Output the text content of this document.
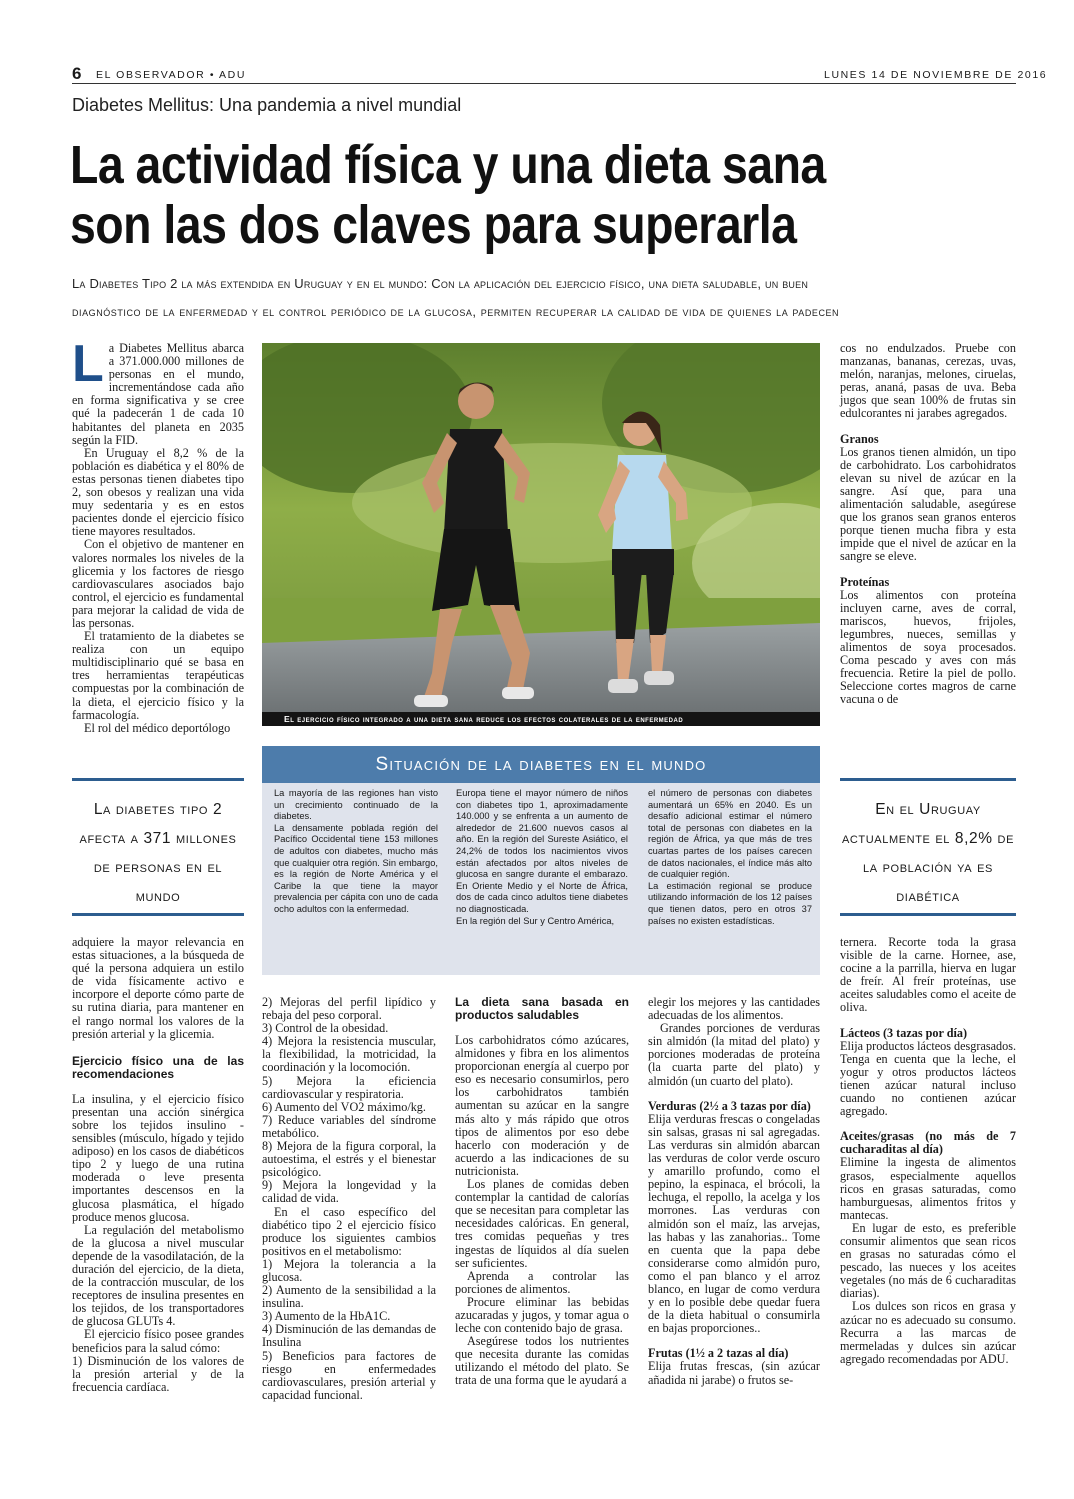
6 EL OBSERVADOR • ADU	LUNES 14 DE NOVIEMBRE DE 2016
Diabetes Mellitus: Una pandemia a nivel mundial
La actividad física y una dieta sana
son las dos claves para superarla
La Diabetes Tipo 2 la más extendida en Uruguay y en el mundo: Con la aplicación del ejercicio físico, una dieta saludable, un buen
diagnóstico de la enfermedad y el control periódico de la glucosa, permiten recuperar la calidad de vida de quienes la padecen
L a Diabetes Mellitus abarca a 371.000.000 millones de personas en el mundo, incrementándose cada año en forma significativa y se cree qué la padecerán 1 de cada 10 habitantes del planeta en 2035 según la FID.

En Uruguay el 8,2 % de la población es diabética y el 80% de estas personas tienen diabetes tipo 2, son obesos y realizan una vida muy sedentaria y es en estos pacientes donde el ejercicio físico tiene mayores resultados.

Con el objetivo de mantener en valores normales los niveles de la glicemia y los factores de riesgo cardiovasculares asociados bajo control, el ejercicio es fundamental para mejorar la calidad de vida de las personas.

El tratamiento de la diabetes se realiza con un equipo multidisciplinario qué se basa en tres herramientas terapéuticas compuestas por la combinación de la dieta, el ejercicio físico y la farmacología.

El rol del médico deportólogo

La diabetes tipo 2 afecta a 371 millones de personas en el mundo

adquiere la mayor relevancia en estas situaciones, a la búsqueda de qué la persona adquiera un estilo de vida físicamente activo e incorpore el deporte cómo parte de su rutina diaria, para mantener en el rango normal los valores de la presión arterial y la glicemia.

Ejercicio físico una de las recomendaciones

La insulina, y el ejercicio físico presentan una acción sinérgica sobre los tejidos insulino - sensibles (músculo, hígado y tejido adiposo) en los casos de diabéticos tipo 2 y luego de una rutina moderada o leve presenta importantes descensos en la glucosa plasmática, el hígado produce menos glucosa.

La regulación del metabolismo de la glucosa a nivel muscular depende de la vasodilatación, de la duración del ejercicio, de la dieta, de la contracción muscular, de los receptores de insulina presentes en los tejidos, de los transportadores de glucosa GLUTs 4.

El ejercicio físico posee grandes beneficios para la salud cómo:

1) Disminución de los valores de la presión arterial y de la frecuencia cardíaca.

El ejercicio físico integrado a una dieta sana reduce los efectos colaterales de la enfermedad
Situación de la diabetes en el mundo

La mayoría de las regiones han visto un crecimiento continuado de la diabetes.

La densamente poblada región del Pacífico Occidental tiene 153 millones de adultos con diabetes, mucho más que cualquier otra región. Sin embargo, es la región de Norte América y el Caribe la que tiene la mayor prevalencia per cápita con uno de cada ocho adultos con la enfermedad.

Europa tiene el mayor número de niños con diabetes tipo 1, aproximadamente 140.000 y se enfrenta a un aumento de alrededor de 21.600 nuevos casos al año. En la región del Sureste Asiático, el 24,2% de todos los nacimientos vivos están afectados por altos niveles de glucosa en sangre durante el embarazo. En Oriente Medio y el Norte de África, dos de cada cinco adultos tiene diabetes no diagnosticada.

En la región del Sur y Centro América,

el número de personas con diabetes aumentará un 65% en 2040. Es un desafío adicional estimar el número total de personas con diabetes en la región de África, ya que más de tres cuartas partes de los países carecen de datos nacionales, el índice más alto de cualquier región.

La estimación regional se produce utilizando información de los 12 países que tienen datos, pero en otros 37 países no existen estadísticas.

2) Mejoras del perfil lipídico y rebaja del peso corporal.

3) Control de la obesidad.

4) Mejora la resistencia muscular, la flexibilidad, la motricidad, la coordinación y la locomoción.

5) Mejora la eficiencia cardiovascular y respiratoria.

6) Aumento del VO2 máximo/kg.

7) Reduce variables del síndrome metabólico.

8) Mejora de la figura corporal, la autoestima, el estrés y el bienestar psicológico.

9) Mejora la longevidad y la calidad de vida.

En el caso específico del diabético tipo 2 el ejercicio físico produce los siguientes cambios positivos en el metabolismo:

1) Mejora la tolerancia a la glucosa.

2) Aumento de la sensibilidad a la insulina.

3) Aumento de la HbA1C.

4) Disminución de las demandas de Insulina

5) Beneficios para factores de riesgo en enfermedades cardiovasculares, presión arterial y capacidad funcional.

La dieta sana basada en productos saludables

Los carbohidratos cómo azúcares, almidones y fibra en los alimentos proporcionan energía al cuerpo por eso es necesario consumirlos, pero los carbohidratos también aumentan su azúcar en la sangre más alto y más rápido que otros tipos de alimentos por eso debe hacerlo con moderación y de acuerdo a las indicaciones de su nutricionista.

Los planes de comidas deben contemplar la cantidad de calorías que se necesitan para completar las necesidades calóricas. En general, tres comidas pequeñas y tres ingestas de líquidos al día suelen ser suficientes.

Aprenda a controlar las porciones de alimentos.

Procure eliminar las bebidas azucaradas y jugos, y tomar agua o leche con contenido bajo de grasa.

Asegúrese todos los nutrientes que necesita durante las comidas utilizando el método del plato. Se trata de una forma que le ayudará a

elegir los mejores y las cantidades adecuadas de los alimentos.

Grandes porciones de verduras sin almidón (la mitad del plato) y porciones moderadas de proteína (la cuarta parte del plato) y almidón (un cuarto del plato).

Verduras (2½ a 3 tazas por día)

Elija verduras frescas o congeladas sin salsas, grasas ni sal agregadas. Las verduras sin almidón abarcan las verduras de color verde oscuro y amarillo profundo, como el pepino, la espinaca, el brócoli, la lechuga, el repollo, la acelga y los morrones. Las verduras con almidón son el maíz, las arvejas, las habas y las zanahorias.. Tome en cuenta que la papa debe considerarse como almidón puro, como el pan blanco y el arroz blanco, en lugar de como verdura y en lo posible debe quedar fuera de la dieta habitual o consumirla en bajas proporciones..

Frutas (1½ a 2 tazas al día)

Elija frutas frescas, (sin azúcar añadida ni jarabe) o frutos se-

cos no endulzados. Pruebe con manzanas, bananas, cerezas, uvas, melón, naranjas, melones, ciruelas, peras, ananá, pasas de uva. Beba jugos que sean 100% de frutas sin edulcorantes ni jarabes agregados.

Granos

Los granos tienen almidón, un tipo de carbohidrato. Los carbohidratos elevan su nivel de azúcar en la sangre. Así que, para una alimentación saludable, asegúrese que los granos sean granos enteros porque tienen mucha fibra y esta impide que el nivel de azúcar en la sangre se eleve.

Proteínas

Los alimentos con proteína incluyen carne, aves de corral, mariscos, huevos, frijoles, legumbres, nueces, semillas y alimentos de soya procesados. Coma pescado y aves con más frecuencia. Retire la piel de pollo. Seleccione cortes magros de carne vacuna o de

En el Uruguay actualmente el 8,2% de la población ya es diabética

ternera. Recorte toda la grasa visible de la carne. Hornee, ase, cocine a la parrilla, hierva en lugar de freír. Al freír proteínas, use aceites saludables como el aceite de oliva.

Lácteos (3 tazas por día)

Elija productos lácteos desgrasados. Tenga en cuenta que la leche, el yogur y otros productos lácteos tienen azúcar natural incluso cuando no contienen azúcar agregado.

Aceites/grasas (no más de 7 cucharaditas al día)

Elimine la ingesta de alimentos grasos, especialmente aquellos ricos en grasas saturadas, como hamburguesas, alimentos fritos y mantecas.

En lugar de esto, es preferible consumir alimentos que sean ricos en grasas no saturadas cómo el pescado, las nueces y los aceites vegetales (no más de 6 cucharaditas diarias).

Los dulces son ricos en grasa y azúcar no es adecuado su consumo. Recurra a las marcas de mermeladas y dulces sin azúcar agregado recomendadas por ADU.
